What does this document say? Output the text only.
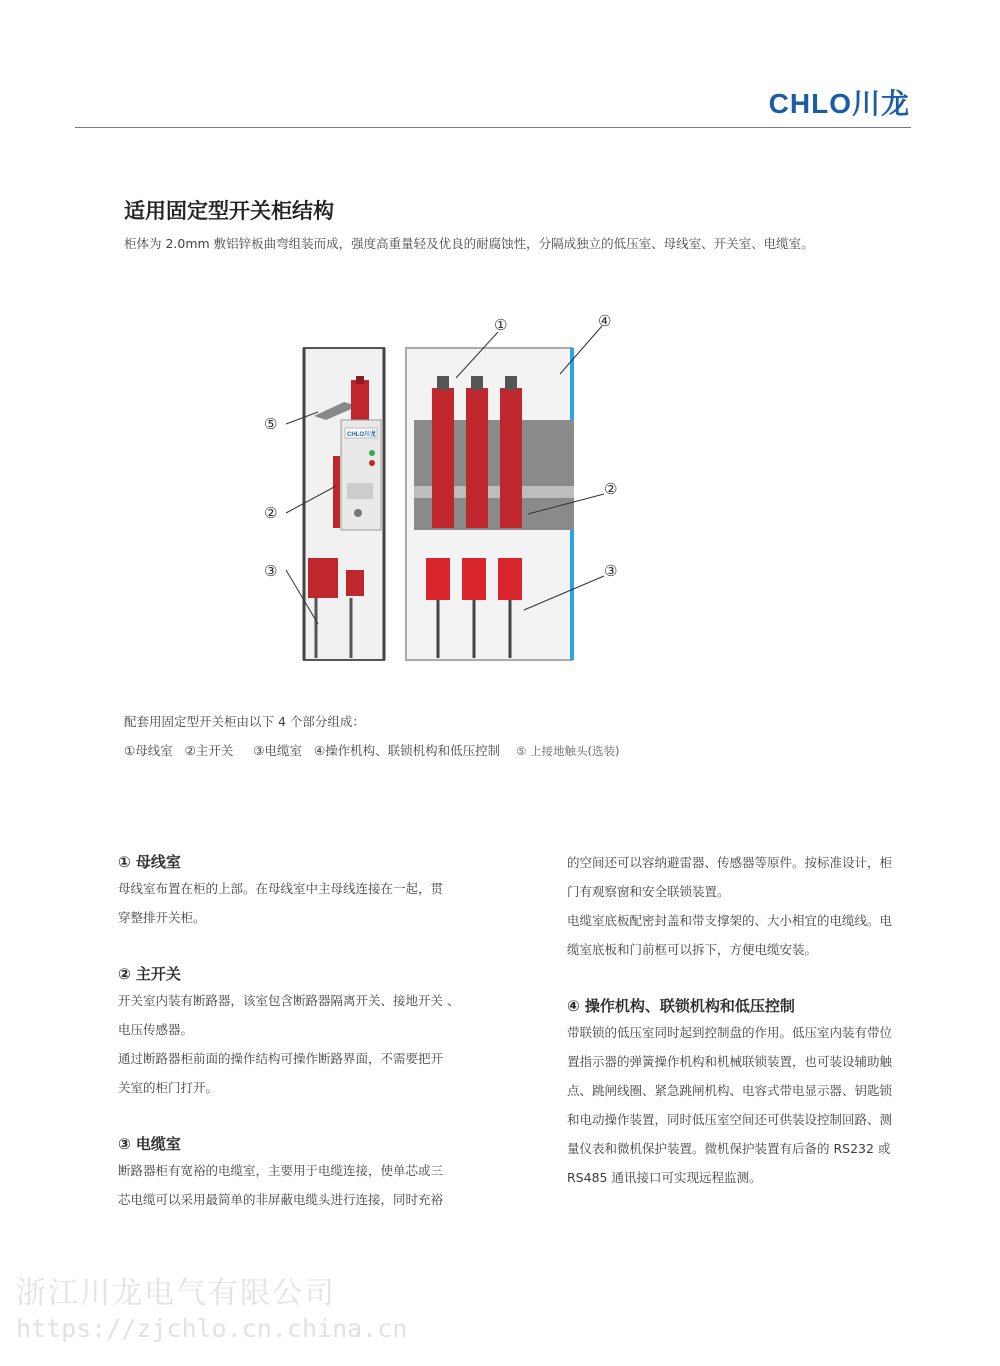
CHLO川龙
适用固定型开关柜结构
柜体为 2.0mm 敷铝锌板曲弯组装而成，强度高重量轻及优良的耐腐蚀性，分隔成独立的低压室、母线室、开关室、电缆室。
CHLO川龙
⑤
②
③
①	④
②
③
配套用固定型开关柜由以下 4 个部分组成：
①母线室 ②主开关 ③电缆室 ④操作机构、联锁机构和低压控制 ⑤ 上接地触头(选装)
① 母线室
母线室布置在柜的上部。在母线室中主母线连接在一起，贯
穿整排开关柜。
② 主开关
开关室内装有断路器，该室包含断路器隔离开关、接地开关 、
电压传感器。
通过断路器柜前面的操作结构可操作断路界面，不需要把开
关室的柜门打开。
③ 电缆室
断路器柜有宽裕的电缆室，主要用于电缆连接，使单芯或三
芯电缆可以采用最简单的非屏蔽电缆头进行连接，同时充裕
的空间还可以容纳避雷器、传感器等原件。按标准设计，柜
门有观察窗和安全联锁装置。
电缆室底板配密封盖和带支撑架的、大小相宜的电缆线。电
缆室底板和门前框可以拆下，方便电缆安装。
④ 操作机构、联锁机构和低压控制
带联锁的低压室同时起到控制盘的作用。低压室内装有带位
置指示器的弹簧操作机构和机械联锁装置，也可装设辅助触
点、跳闸线圈、紧急跳闸机构、电容式带电显示器、钥匙锁
和电动操作装置，同时低压室空间还可供装设控制回路、测
量仪表和微机保护装置。微机保护装置有后备的 RS232 或
RS485 通讯接口可实现远程监测。
浙江川龙电气有限公司
https://zjchlo.cn.china.cn
